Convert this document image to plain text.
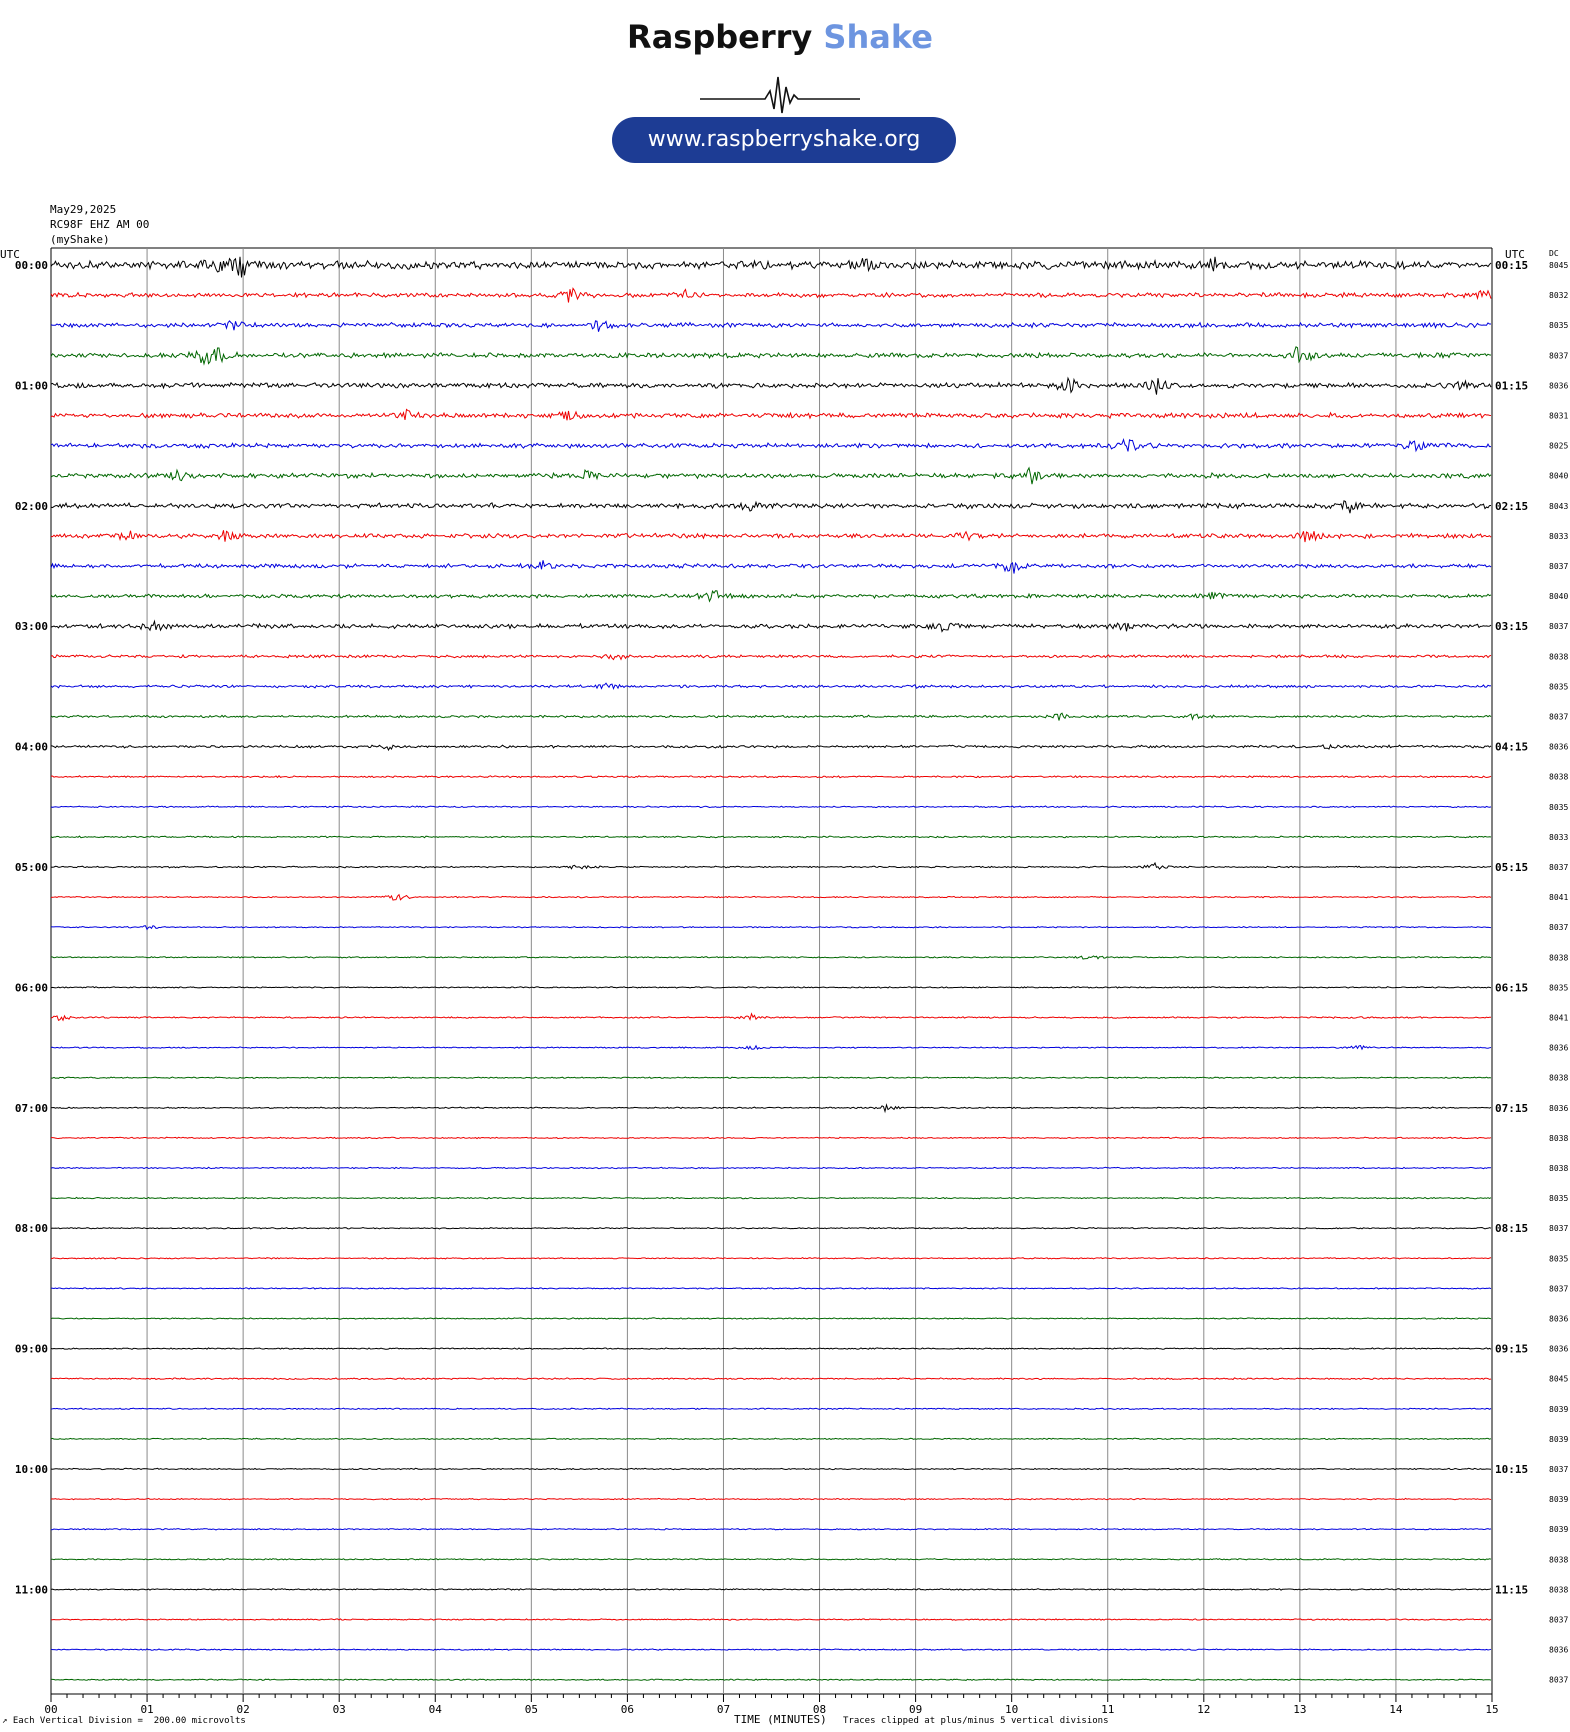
Raspberry Shake
www.raspberryshake.org
May29,2025
RC98F EHZ AM 00
(myShake)
00	01	02	03	04	05	06	07	08	09	10	11	12	13	14	15
UTC	UTC	DC
8045
00:00	00:15
8032
8035
8037
8036
01:00	01:15
8031
8025
8040
8043
02:00	02:15
8033
8037
8040
8037
03:00	03:15
8038
8035
8037
8036
04:00	04:15
8038
8035
8033
8037
05:00	05:15
8041
8037
8038
8035
06:00	06:15
8041
8036
8038
8036
07:00	07:15
8038
8038
8035
8037
08:00	08:15
8035
8037
8036
8036
09:00	09:15
8045
8039
8039
8037
10:00	10:15
8039
8039
8038
8038
11:00	11:15
8037
8036
8037
↗ Each Vertical Division =  200.00 microvolts	TIME (MINUTES) Traces clipped at plus/minus 5 vertical divisions
